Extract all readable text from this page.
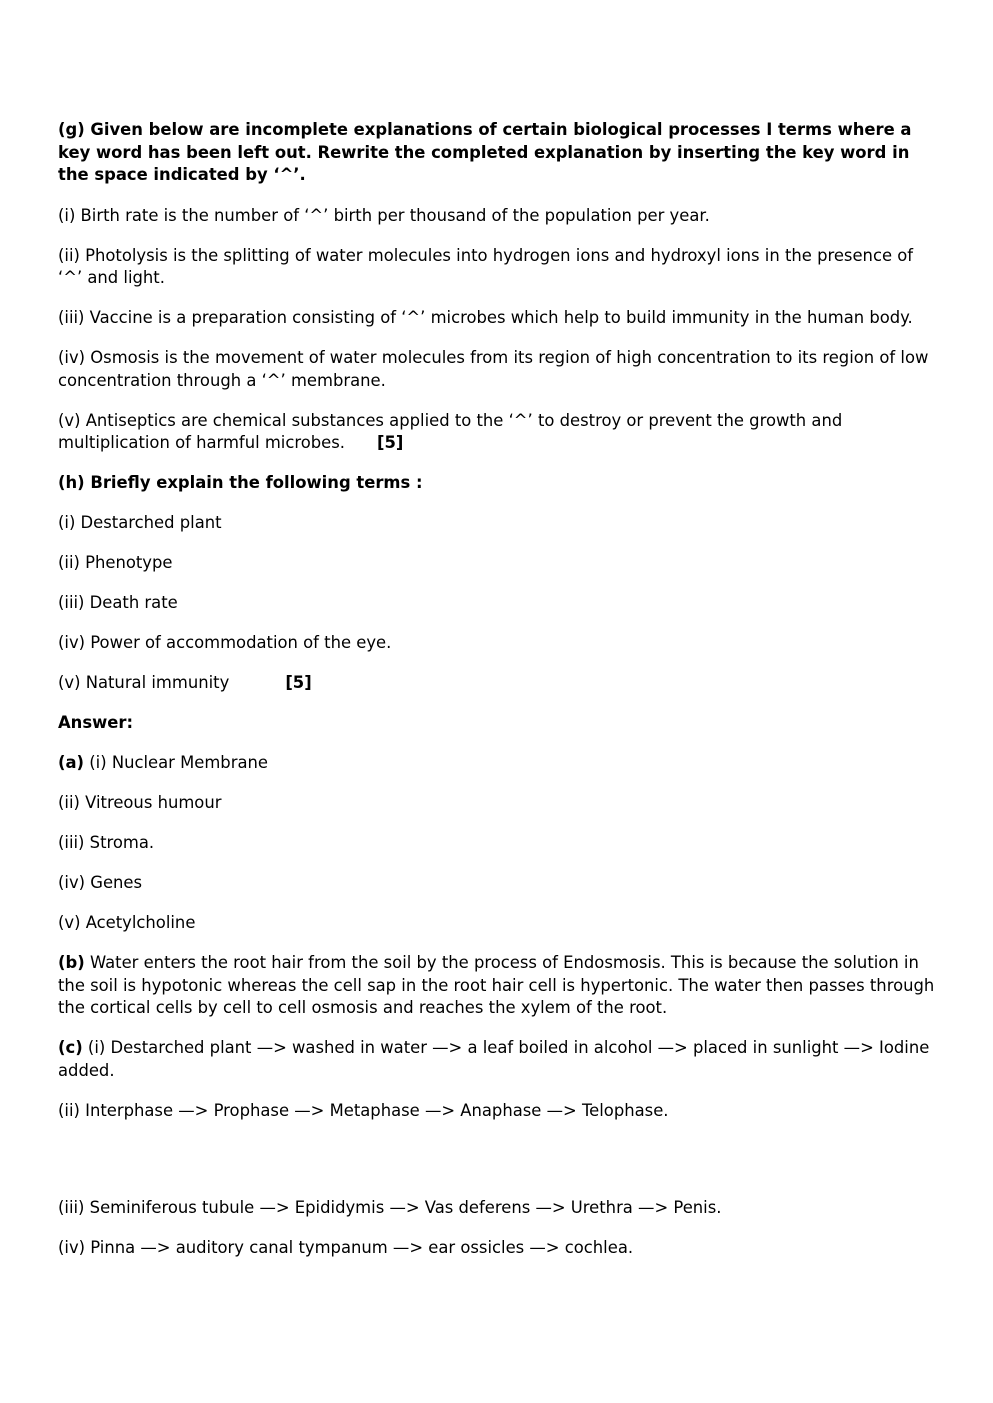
(g) Given below are incomplete explanations of certain biological processes I terms where a key word has been left out. Rewrite the completed explanation by inserting the key word in the space indicated by ‘^’.

(i) Birth rate is the number of ‘^’ birth per thousand of the population per year.

(ii) Photolysis is the splitting of water molecules into hydrogen ions and hydroxyl ions in the presence of ‘^’ and light.

(iii) Vaccine is a preparation consisting of ‘^’ microbes which help to build immunity in the human body.

(iv) Osmosis is the movement of water molecules from its region of high concentration to its region of low concentration through a ‘^’ membrane.

(v) Antiseptics are chemical substances applied to the ‘^’ to destroy or prevent the growth and multiplication of harmful microbes. [5]

(h) Briefly explain the following terms :

(i) Destarched plant

(ii) Phenotype

(iii) Death rate

(iv) Power of accommodation of the eye.

(v) Natural immunity	[5]

Answer:

(a) (i) Nuclear Membrane

(ii) Vitreous humour

(iii) Stroma.

(iv) Genes

(v) Acetylcholine

(b) Water enters the root hair from the soil by the process of Endosmosis. This is because the solution in the soil is hypotonic whereas the cell sap in the root hair cell is hypertonic. The water then passes through the cortical cells by cell to cell osmosis and reaches the xylem of the root.

(c) (i) Destarched plant —> washed in water —> a leaf boiled in alcohol —> placed in sunlight —> Iodine added.

(ii) Interphase —> Prophase —> Metaphase —> Anaphase —> Telophase.

(iii) Seminiferous tubule —> Epididymis —> Vas deferens —> Urethra —> Penis.

(iv) Pinna —> auditory canal tympanum —> ear ossicles —> cochlea.
